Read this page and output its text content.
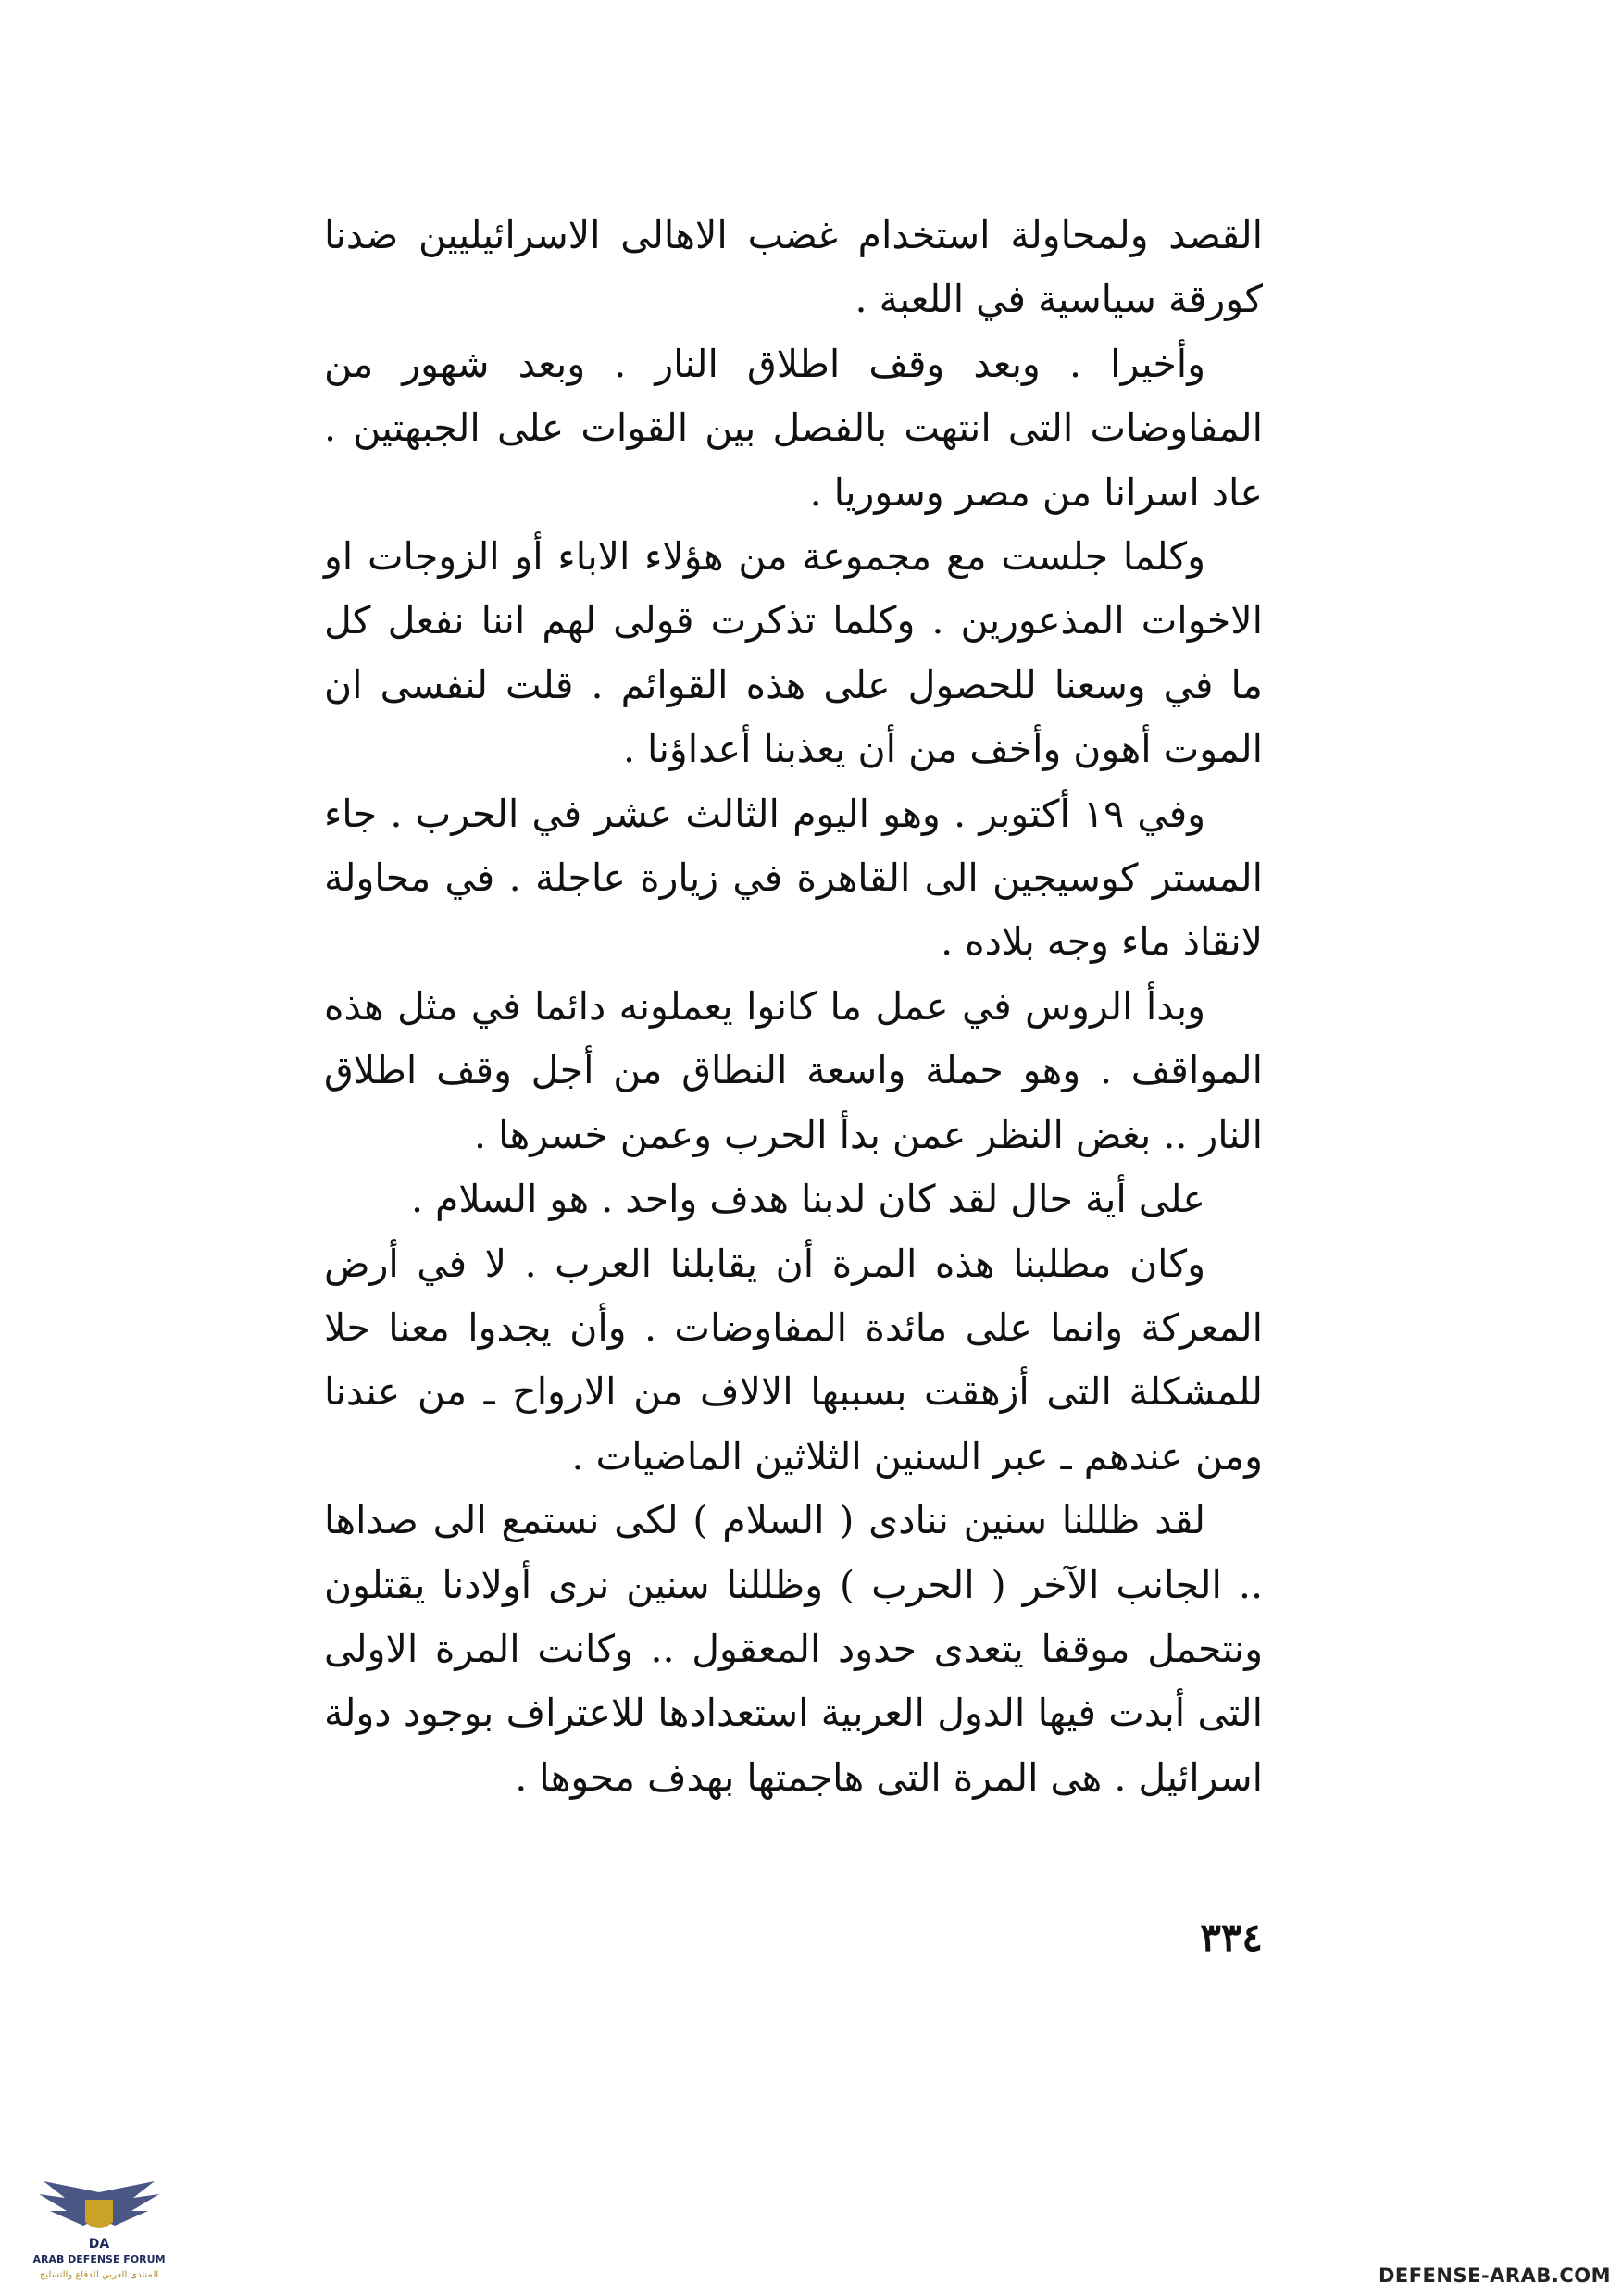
القصد ولمحاولة استخدام غضب الاهالى الاسرائيليين ضدنا كورقة سياسية في اللعبة .

وأخيرا . وبعد وقف اطلاق النار . وبعد شهور من المفاوضات التى انتهت بالفصل بين القوات على الجبهتين . عاد اسرانا من مصر وسوريا .

وكلما جلست مع مجموعة من هؤلاء الاباء أو الزوجات او الاخوات المذعورين . وكلما تذكرت قولى لهم اننا نفعل كل ما في وسعنا للحصول على هذه القوائم . قلت لنفسى ان الموت أهون وأخف من أن يعذبنا أعداؤنا .

وفي ١٩ أكتوبر . وهو اليوم الثالث عشر في الحرب . جاء المستر كوسيجين الى القاهرة في زيارة عاجلة . في محاولة لانقاذ ماء وجه بلاده .

وبدأ الروس في عمل ما كانوا يعملونه دائما في مثل هذه المواقف . وهو حملة واسعة النطاق من أجل وقف اطلاق النار .. بغض النظر عمن بدأ الحرب وعمن خسرها .

على أية حال لقد كان لدبنا هدف واحد . هو السلام .

وكان مطلبنا هذه المرة أن يقابلنا العرب . لا في أرض المعركة وانما على مائدة المفاوضات . وأن يجدوا معنا حلا للمشكلة التى أزهقت بسببها الالاف من الارواح ـ من عندنا ومن عندهم ـ عبر السنين الثلاثين الماضيات .

لقد ظللنا سنين ننادى ( السلام ) لكى نستمع الى صداها .. الجانب الآخر ( الحرب ) وظللنا سنين نرى أولادنا يقتلون ونتحمل موقفا يتعدى حدود المعقول .. وكانت المرة الاولى التى أبدت فيها الدول العربية استعدادها للاعتراف بوجود دولة اسرائيل . هى المرة التى هاجمتها بهدف محوها .

٣٣٤
DA
ARAB DEFENSE FORUM
المنتدى العربي للدفاع والتسليح	DEFENSE-ARAB.COM
